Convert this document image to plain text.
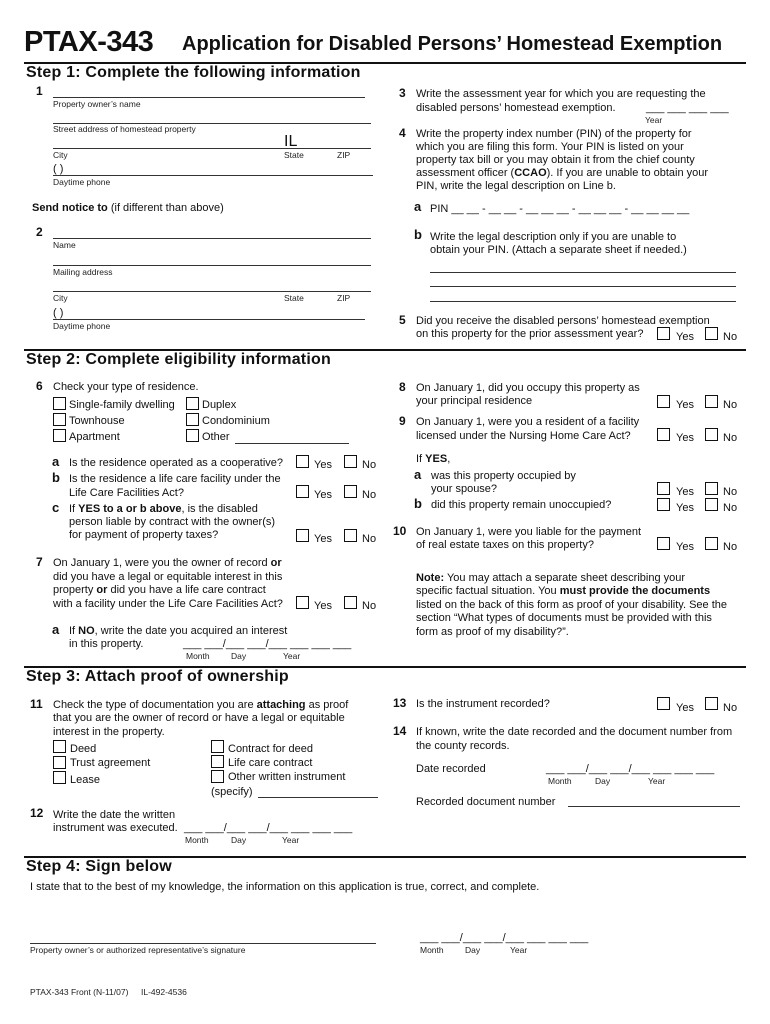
PTAX-343 Application for Disabled Persons’ Homestead Exemption
Step 1: Complete the following information
1
Property owner’s name
Street address of homestead property
IL
City	State	ZIP
( )
Daytime phone
Send notice to (if different than above)
2
Name
Mailing address
City	State	ZIP
( )
Daytime phone
3 Write the assessment year for which you are requesting the
disabled persons’ homestead exemption.	___ ___ ___ ___
Year
4 Write the property index number (PIN) of the property for
which you are filing this form. Your PIN is listed on your
property tax bill or you may obtain it from the chief county
assessment officer (CCAO). If you are unable to obtain your
PIN, write the legal description on Line b.
a PIN __ __ - __ __ - __ __ __ - __ __ __ - __ __ __ __
b Write the legal description only if you are unable to
obtain your PIN. (Attach a separate sheet if needed.)
5 Did you receive the disabled persons’ homestead exemption
on this property for the prior assessment year?	Yes	No
Step 2: Complete eligibility information
6 Check your type of residence.
Single-family dwelling Duplex
Townhouse	Condominium
Apartment	Other
a Is the residence operated as a cooperative?	Yes	No
b Is the residence a life care facility under the
Life Care Facilities Act?	Yes	No
c If YES to a or b above, is the disabled
person liable by contract with the owner(s)
for payment of property taxes?	Yes	No
7 On January 1, were you the owner of record or
did you have a legal or equitable interest in this
property or did you have a life care contract
with a facility under the Life Care Facilities Act?	Yes	No
a If NO, write the date you acquired an interest
in this property.	___ ___/___ ___/___ ___ ___ ___
Month	Day	Year
8 On January 1, did you occupy this property as
your principal residence	Yes	No
9 On January 1, were you a resident of a facility
licensed under the Nursing Home Care Act?	Yes	No
If YES,
a was this property occupied by
your spouse?	Yes	No
b did this property remain unoccupied?	Yes	No
10 On January 1, were you liable for the payment
of real estate taxes on this property?	Yes	No
Note: You may attach a separate sheet describing your
specific factual situation. You must provide the documents
listed on the back of this form as proof of your disability. See the
section “What types of documents must be provided with this
form as proof of my disability?”.
Step 3: Attach proof of ownership
11 Check the type of documentation you are attaching as proof
that you are the owner of record or have a legal or equitable
interest in the property.
Deed
Trust agreement
Lease
Contract for deed
Life care contract
Other written instrument
(specify)
12 Write the date the written
instrument was executed. ___ ___/___ ___/___ ___ ___ ___
Month	Day	Year
13 Is the instrument recorded?	Yes	No
14 If known, write the date recorded and the document number from
the county records.
Date recorded	___ ___/___ ___/___ ___ ___ ___
Month	Day	Year
Recorded document number
Step 4: Sign below
I state that to the best of my knowledge, the information on this application is true, correct, and complete.
Property owner’s or authorized representative’s signature
___ ___/___ ___/___ ___ ___ ___
Month	Day	Year
PTAX-343 Front (N-11/07) IL-492-4536
